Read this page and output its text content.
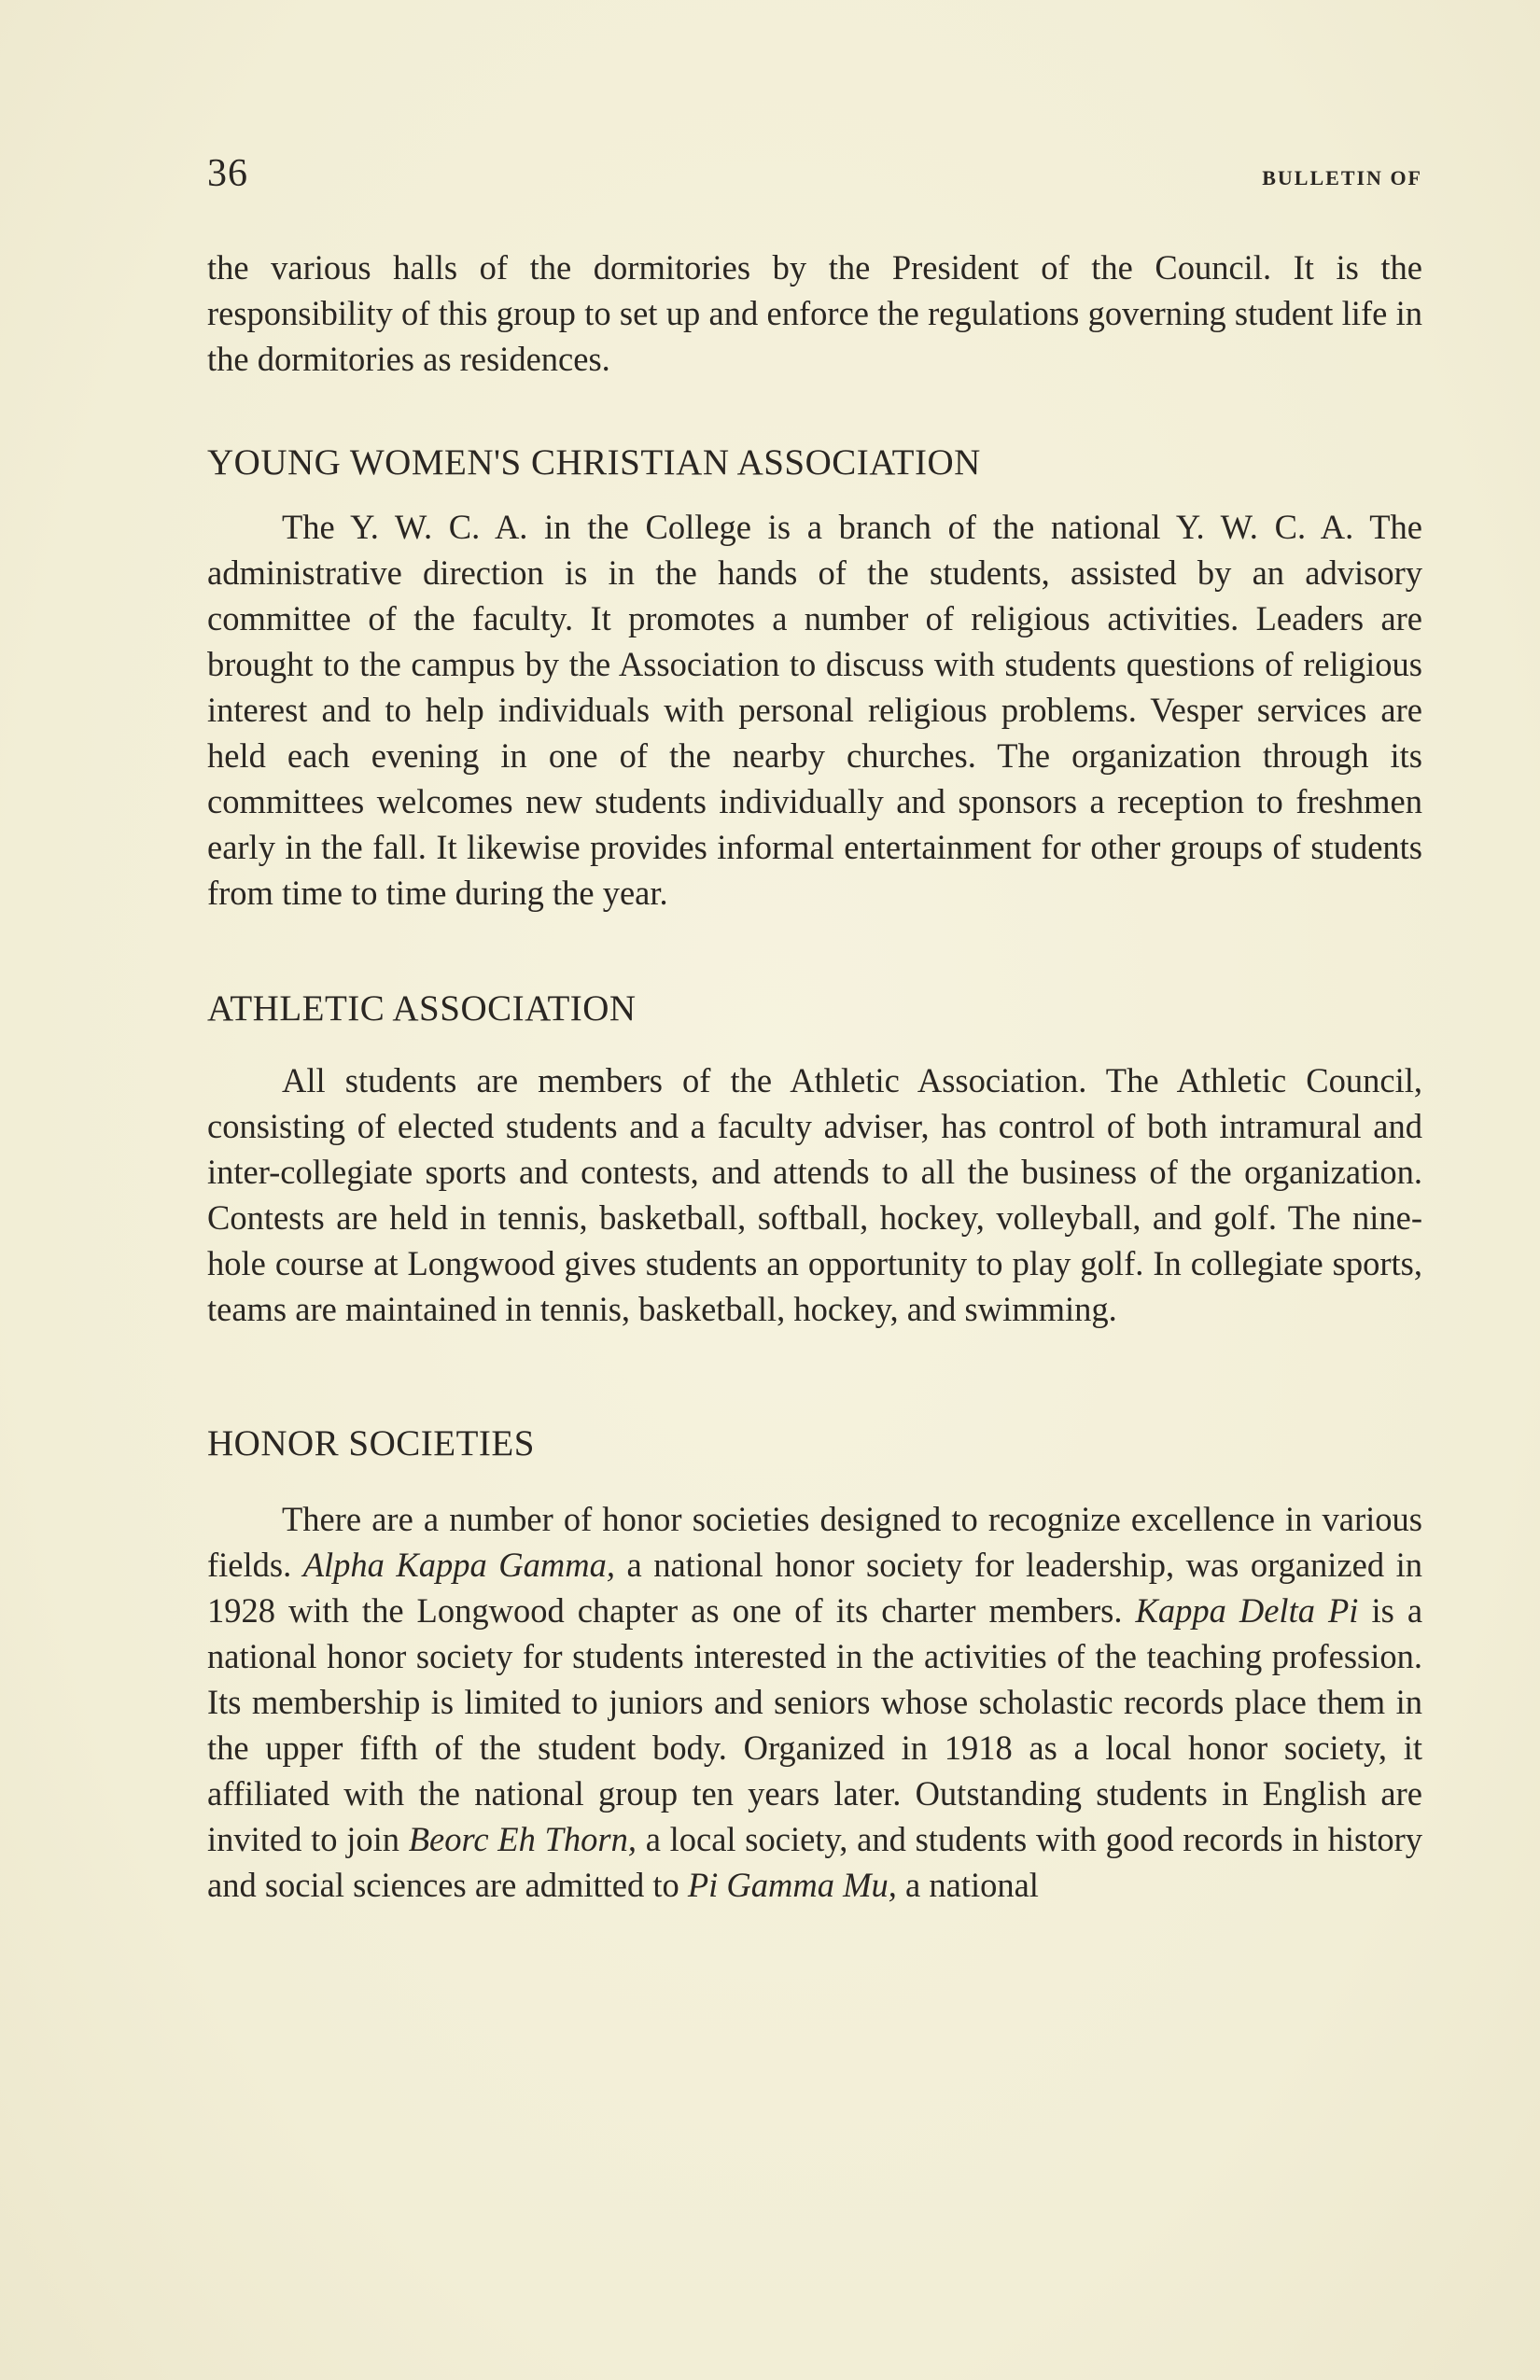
36	BULLETIN OF

the various halls of the dormitories by the President of the Council. It is the responsibility of this group to set up and enforce the regulations governing student life in the dormitories as residences.

YOUNG WOMEN'S CHRISTIAN ASSOCIATION

The Y. W. C. A. in the College is a branch of the national Y. W. C. A. The administrative direction is in the hands of the students, assisted by an advisory committee of the faculty. It promotes a number of religious activities. Leaders are brought to the campus by the Association to discuss with students questions of religious interest and to help individuals with personal religious problems. Vesper services are held each evening in one of the nearby churches. The organization through its committees welcomes new students individually and sponsors a reception to freshmen early in the fall. It likewise provides informal entertainment for other groups of students from time to time during the year.

ATHLETIC ASSOCIATION

All students are members of the Athletic Association. The Athletic Council, consisting of elected students and a faculty adviser, has control of both intramural and inter-collegiate sports and contests, and attends to all the business of the organization. Contests are held in tennis, basketball, softball, hockey, volleyball, and golf. The nine-hole course at Longwood gives students an opportunity to play golf. In collegiate sports, teams are maintained in tennis, basketball, hockey, and swimming.

HONOR SOCIETIES

There are a number of honor societies designed to recognize excellence in various fields. Alpha Kappa Gamma, a national honor society for leadership, was organized in 1928 with the Longwood chapter as one of its charter members. Kappa Delta Pi is a national honor society for students interested in the activities of the teaching profession. Its membership is limited to juniors and seniors whose scholastic records place them in the upper fifth of the student body. Organized in 1918 as a local honor society, it affiliated with the national group ten years later. Outstanding students in English are invited to join Beorc Eh Thorn, a local society, and students with good records in history and social sciences are admitted to Pi Gamma Mu, a national
